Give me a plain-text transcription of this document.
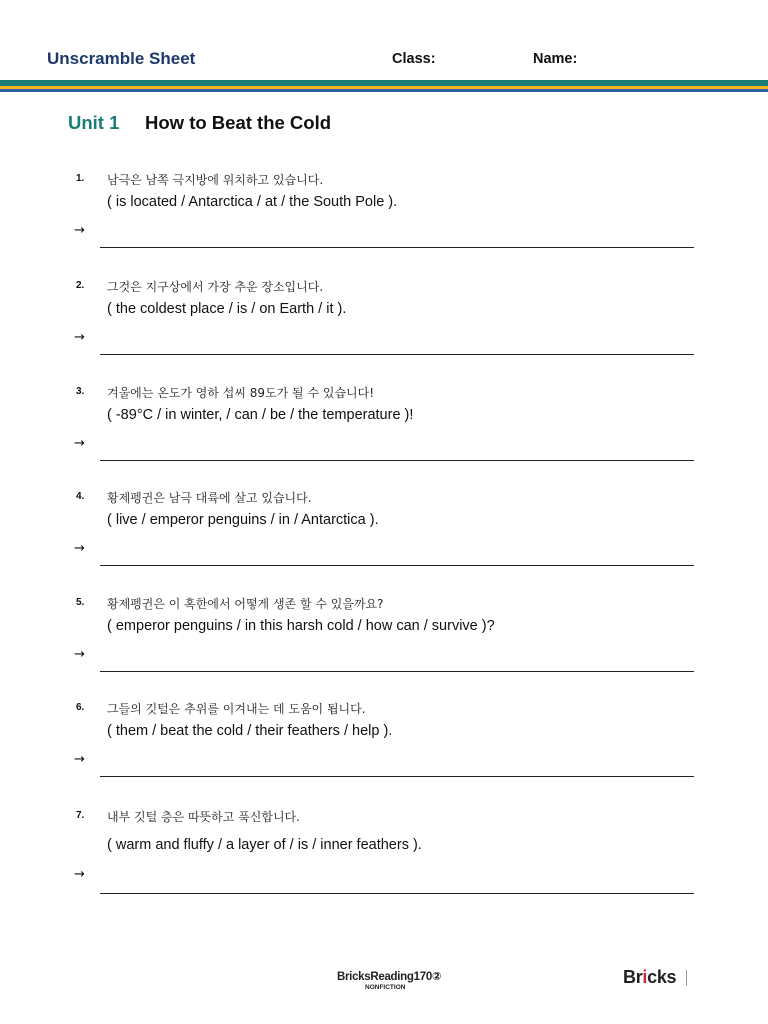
Unscramble Sheet	Class:	Name:
Unit 1 How to Beat the Cold
1. 남극은 남쪽 극지방에 위치하고 있습니다.
( is located / Antarctica / at / the South Pole ).
→
2. 그것은 지구상에서 가장 추운 장소입니다.
( the coldest place / is / on Earth / it ).
→
3. 겨울에는 온도가 영하 섭씨 89도가 될 수 있습니다!
( -89°C / in winter, / can / be / the temperature )!
→
4. 황제펭귄은 남극 대륙에 살고 있습니다.
( live / emperor penguins / in / Antarctica ).
→
5. 황제펭귄은 이 혹한에서 어떻게 생존 할 수 있을까요?
( emperor penguins / in this harsh cold / how can / survive )?
→
6. 그들의 깃털은 추위를 이겨내는 데 도움이 됩니다.
( them / beat the cold / their feathers / help ).
→
7. 내부 깃털 층은 따뜻하고 푹신합니다.
( warm and fluffy / a layer of / is / inner feathers ).
→
BricksReading170②
NONFICTION
Bricks
